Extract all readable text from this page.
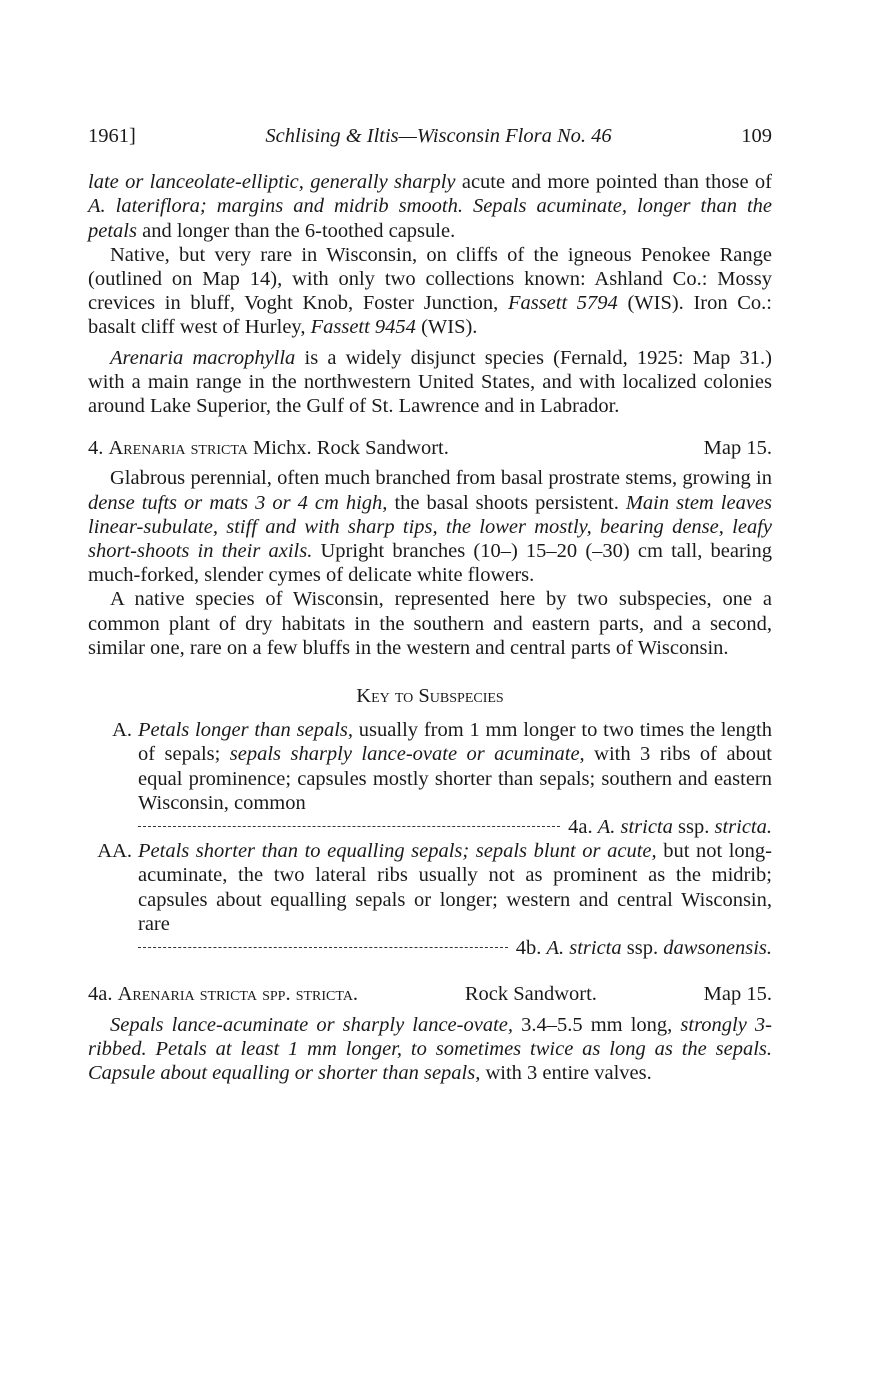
1961]	Schlising & Iltis—Wisconsin Flora No. 46	109

late or lanceolate-elliptic, generally sharply acute and more pointed than those of A. lateriflora; margins and midrib smooth. Sepals acuminate, longer than the petals and longer than the 6-toothed capsule.

Native, but very rare in Wisconsin, on cliffs of the igneous Penokee Range (outlined on Map 14), with only two collections known: Ashland Co.: Mossy crevices in bluff, Voght Knob, Foster Junction, Fassett 5794 (WIS). Iron Co.: basalt cliff west of Hurley, Fassett 9454 (WIS).

Arenaria macrophylla is a widely disjunct species (Fernald, 1925: Map 31.) with a main range in the northwestern United States, and with localized colonies around Lake Superior, the Gulf of St. Lawrence and in Labrador.

4. Arenaria stricta Michx. Rock Sandwort.	Map 15.

Glabrous perennial, often much branched from basal prostrate stems, growing in dense tufts or mats 3 or 4 cm high, the basal shoots persistent. Main stem leaves linear-subulate, stiff and with sharp tips, the lower mostly, bearing dense, leafy short-shoots in their axils. Upright branches (10–) 15–20 (–30) cm tall, bearing much-forked, slender cymes of delicate white flowers.

A native species of Wisconsin, represented here by two subspecies, one a common plant of dry habitats in the southern and eastern parts, and a second, similar one, rare on a few bluffs in the western and central parts of Wisconsin.

Key to Subspecies
A. Petals longer than sepals, usually from 1 mm longer to two times the length of sepals; sepals sharply lance-ovate or acuminate, with 3 ribs of about equal prominence; capsules mostly shorter than sepals; southern and eastern Wisconsin, common
4a. A. stricta ssp. stricta.
AA. Petals shorter than to equalling sepals; sepals blunt or acute, but not long-acuminate, the two lateral ribs usually not as prominent as the midrib; capsules about equalling sepals or longer; western and central Wisconsin, rare
4b. A. stricta ssp. dawsonensis.
4a. Arenaria stricta spp. stricta.	Rock Sandwort.	Map 15.

Sepals lance-acuminate or sharply lance-ovate, 3.4–5.5 mm long, strongly 3-ribbed. Petals at least 1 mm longer, to sometimes twice as long as the sepals. Capsule about equalling or shorter than sepals, with 3 entire valves.
